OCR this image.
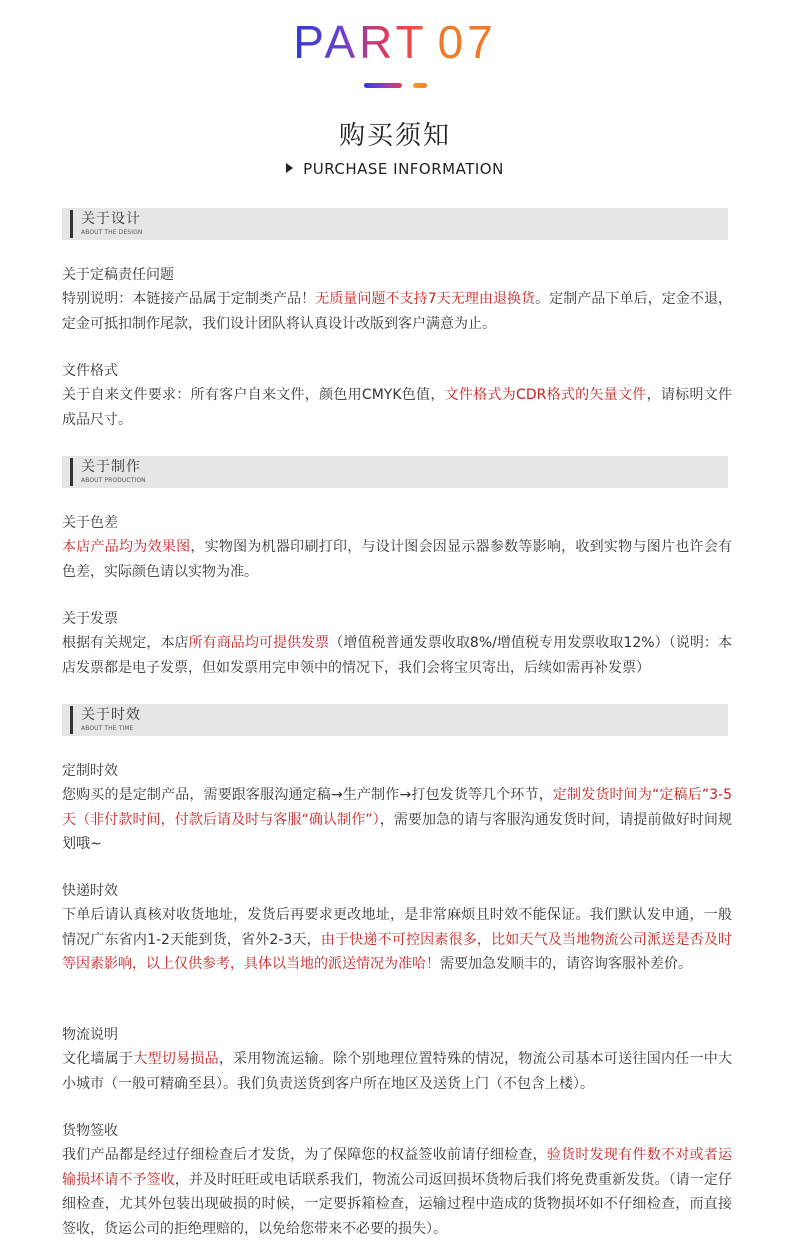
PART 07
购买须知
PURCHASE INFORMATION
关于设计
ABOUT THE DESIGN
关于定稿责任问题

特别说明：本链接产品属于定制类产品！无质量问题不支持7天无理由退换货。定制产品下单后，定金不退，定金可抵扣制作尾款，我们设计团队将认真设计改版到客户满意为止。

文件格式

关于自来文件要求：所有客户自来文件，颜色用CMYK色值，文件格式为CDR格式的矢量文件，请标明文件成品尺寸。

关于制作
ABOUT PRODUCTION
关于色差

本店产品均为效果图，实物图为机器印刷打印，与设计图会因显示器参数等影响，收到实物与图片也许会有色差，实际颜色请以实物为准。

关于发票

根据有关规定，本店所有商品均可提供发票（增值税普通发票收取8%/增值税专用发票收取12%）（说明：本店发票都是电子发票，但如发票用完申领中的情况下，我们会将宝贝寄出，后续如需再补发票）

关于时效
ABOUT THE TIME
定制时效

您购买的是定制产品，需要跟客服沟通定稿→生产制作→打包发货等几个环节，定制发货时间为“定稿后”3-5天（非付款时间，付款后请及时与客服“确认制作”），需要加急的请与客服沟通发货时间，请提前做好时间规划哦~

快递时效

下单后请认真核对收货地址，发货后再要求更改地址，是非常麻烦且时效不能保证。我们默认发申通，一般情况广东省内1-2天能到货，省外2-3天，由于快递不可控因素很多，比如天气及当地物流公司派送是否及时等因素影响，以上仅供参考，具体以当地的派送情况为准哈！需要加急发顺丰的，请咨询客服补差价。

物流说明

文化墙属于大型切易损品，采用物流运输。除个别地理位置特殊的情况，物流公司基本可送往国内任一中大小城市（一般可精确至县）。我们负责送货到客户所在地区及送货上门（不包含上楼）。

货物签收

我们产品都是经过仔细检查后才发货，为了保障您的权益签收前请仔细检查，验货时发现有件数不对或者运输损坏请不予签收，并及时旺旺或电话联系我们，物流公司返回损坏货物后我们将免费重新发货。（请一定仔细检查，尤其外包装出现破损的时候，一定要拆箱检查，运输过程中造成的货物损坏如不仔细检查，而直接签收，货运公司的拒绝理赔的，以免给您带来不必要的损失）。
